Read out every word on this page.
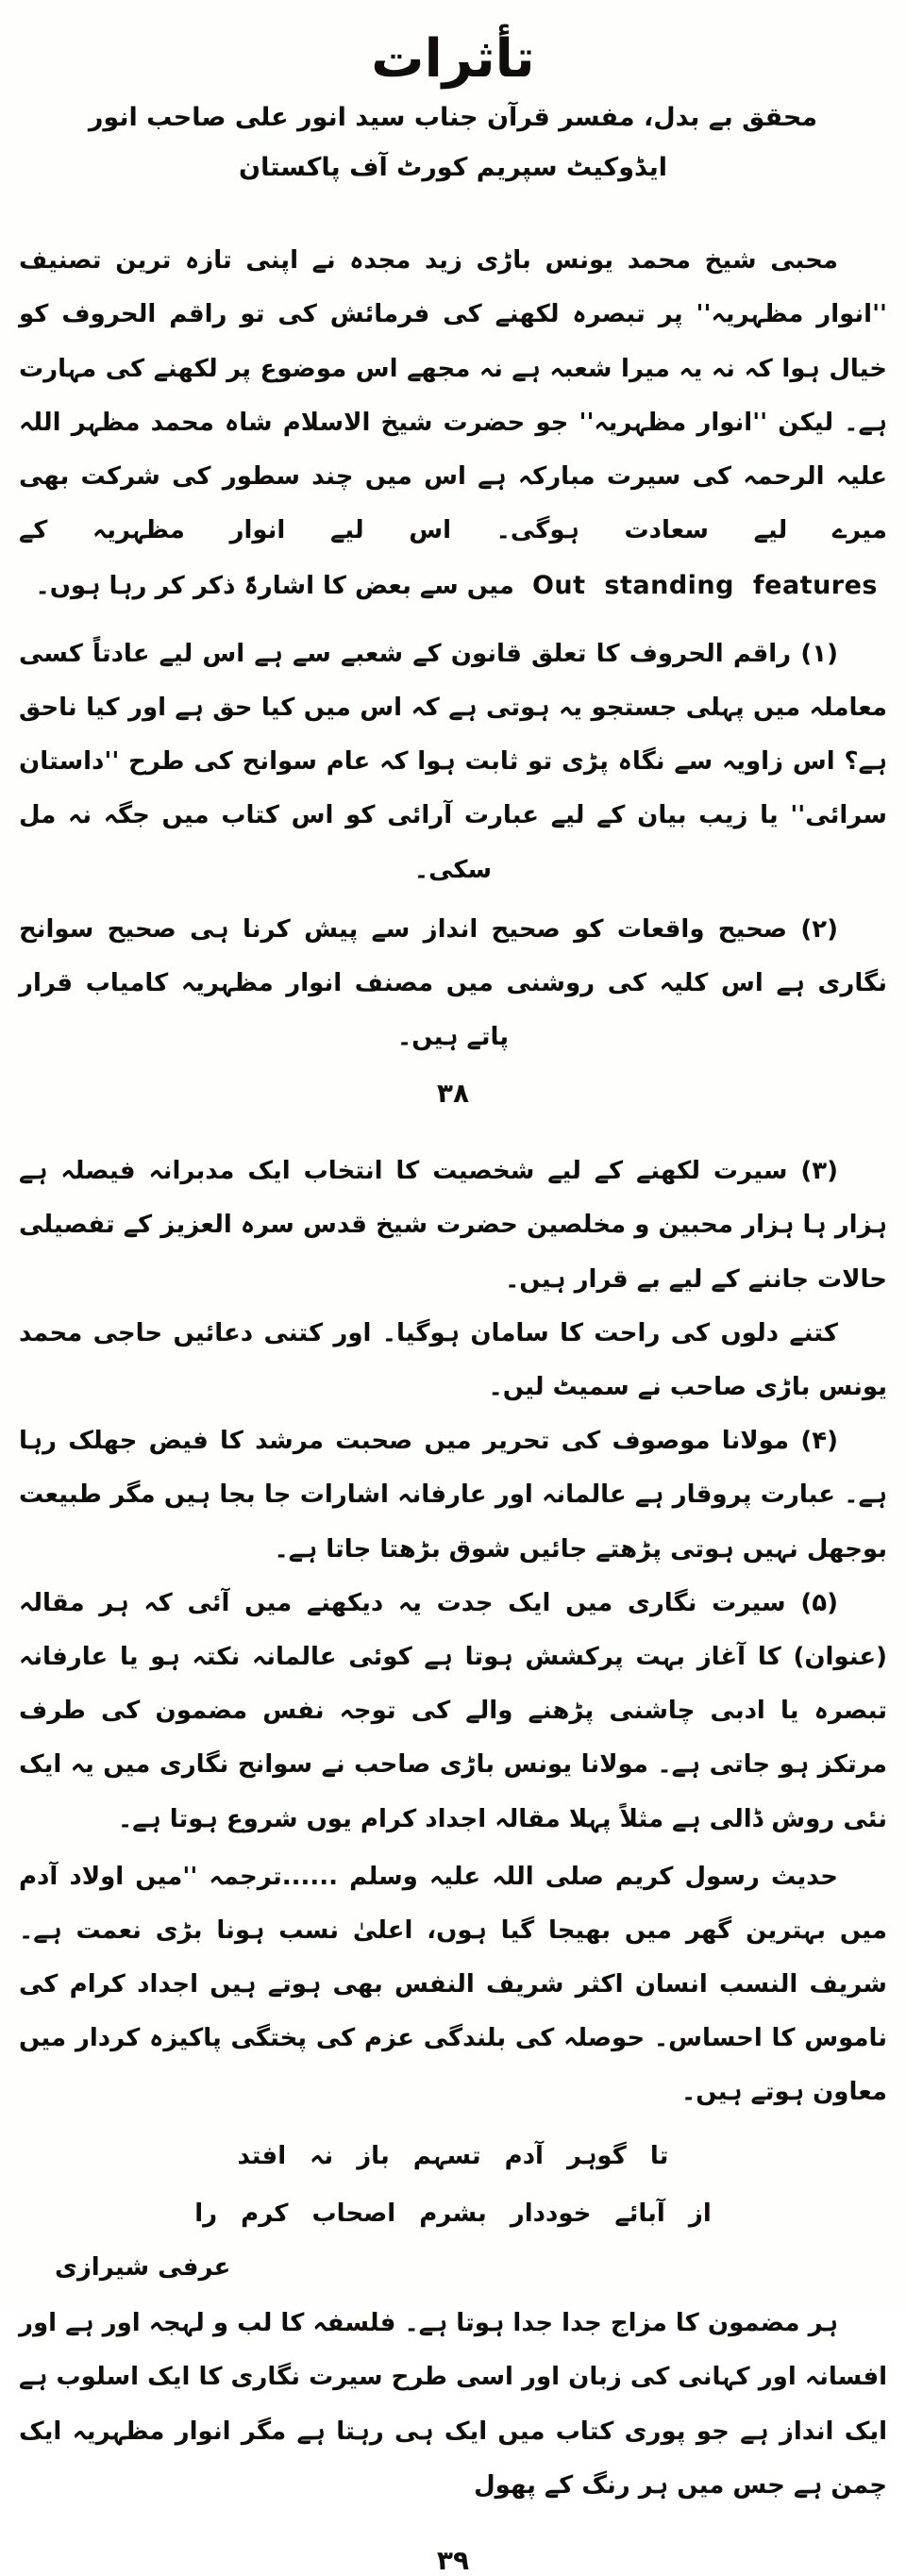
تأثرات

محقق بے بدل، مفسر قرآن جناب سید انور علی صاحب انور

ایڈوکیٹ سپریم کورٹ آف پاکستان

محبی شیخ محمد یونس باڑی زید مجدہ نے اپنی تازہ ترین تصنیف ''انوار مظہریہ'' پر تبصرہ لکھنے کی فرمائش کی تو راقم الحروف کو خیال ہوا کہ نہ یہ میرا شعبہ ہے نہ مجھے اس موضوع پر لکھنے کی مہارت ہے۔ لیکن ''انوار مظہریہ'' جو حضرت شیخ الاسلام شاہ محمد مظہر اللہ علیہ الرحمہ کی سیرت مبارکہ ہے اس میں چند سطور کی شرکت بھی میرے لیے سعادت ہوگی۔ اس لیے انوار مظہریہ کے Out standing features میں سے بعض کا اشارۃً ذکر کر رہا ہوں۔

(۱) راقم الحروف کا تعلق قانون کے شعبے سے ہے اس لیے عادتاً کسی معاملہ میں پہلی جستجو یہ ہوتی ہے کہ اس میں کیا حق ہے اور کیا ناحق ہے؟ اس زاویہ سے نگاہ پڑی تو ثابت ہوا کہ عام سوانح کی طرح ''داستان سرائی'' یا زیب بیان کے لیے عبارت آرائی کو اس کتاب میں جگہ نہ مل سکی۔

(۲) صحیح واقعات کو صحیح انداز سے پیش کرنا ہی صحیح سوانح نگاری ہے اس کلیہ کی روشنی میں مصنف انوار مظہریہ کامیاب قرار پاتے ہیں۔

۳۸

(۳) سیرت لکھنے کے لیے شخصیت کا انتخاب ایک مدبرانہ فیصلہ ہے ہزار ہا ہزار محبین و مخلصین حضرت شیخ قدس سرہ العزیز کے تفصیلی حالات جاننے کے لیے بے قرار ہیں۔

کتنے دلوں کی راحت کا سامان ہوگیا۔ اور کتنی دعائیں حاجی محمد یونس باڑی صاحب نے سمیٹ لیں۔

(۴) مولانا موصوف کی تحریر میں صحبت مرشد کا فیض جھلک رہا ہے۔ عبارت پروقار ہے عالمانہ اور عارفانہ اشارات جا بجا ہیں مگر طبیعت بوجھل نہیں ہوتی پڑھتے جائیں شوق بڑھتا جاتا ہے۔

(۵) سیرت نگاری میں ایک جدت یہ دیکھنے میں آئی کہ ہر مقالہ (عنوان) کا آغاز بہت پرکشش ہوتا ہے کوئی عالمانہ نکتہ ہو یا عارفانہ تبصرہ یا ادبی چاشنی پڑھنے والے کی توجہ نفس مضمون کی طرف مرتکز ہو جاتی ہے۔ مولانا یونس باڑی صاحب نے سوانح نگاری میں یہ ایک نئی روش ڈالی ہے مثلاً پہلا مقالہ اجداد کرام یوں شروع ہوتا ہے۔

حدیث رسول کریم صلی اللہ علیہ وسلم ......ترجمہ ''میں اولاد آدم میں بہترین گھر میں بھیجا گیا ہوں، اعلیٰ نسب ہونا بڑی نعمت ہے۔ شریف النسب انسان اکثر شریف النفس بھی ہوتے ہیں اجداد کرام کی ناموس کا احساس۔ حوصلہ کی بلندگی عزم کی پختگی پاکیزہ کردار میں معاون ہوتے ہیں۔

تا گوہر آدم تسہم باز نہ افتد
از آبائے خوددار بشرم اصحاب کرم را

عرفی شیرازی

ہر مضمون کا مزاج جدا جدا ہوتا ہے۔ فلسفہ کا لب و لہجہ اور ہے اور افسانہ اور کہانی کی زبان اور اسی طرح سیرت نگاری کا ایک اسلوب ہے ایک انداز ہے جو پوری کتاب میں ایک ہی رہتا ہے مگر انوار مظہریہ ایک چمن ہے جس میں ہر رنگ کے پھول

۳۹
